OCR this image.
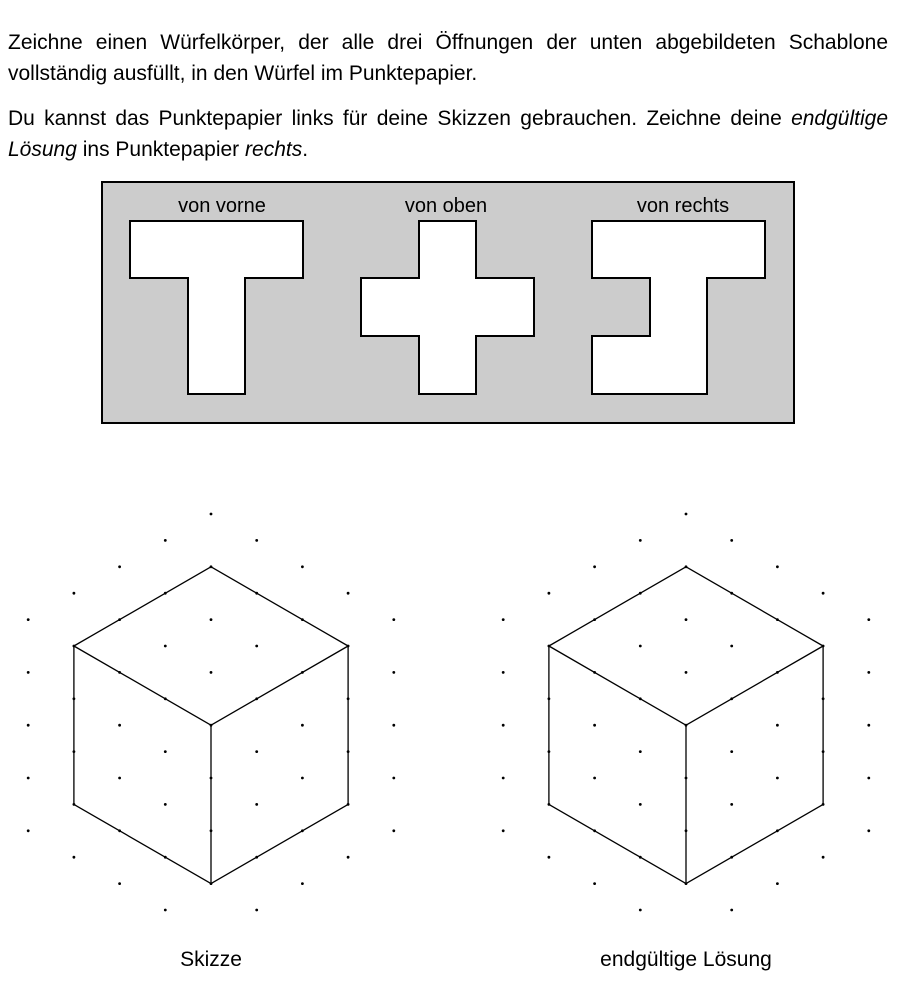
Zeichne einen Würfelkörper, der alle drei Öffnungen der unten abgebildeten Schablone vollständig ausfüllt, in den Würfel im Punktepapier.

Du kannst das Punktepapier links für deine Skizzen gebrauchen. Zeichne deine endgültige Lösung ins Punktepapier rechts.

von vorne	von oben	von rechts
Skizze	endgültige Lösung
